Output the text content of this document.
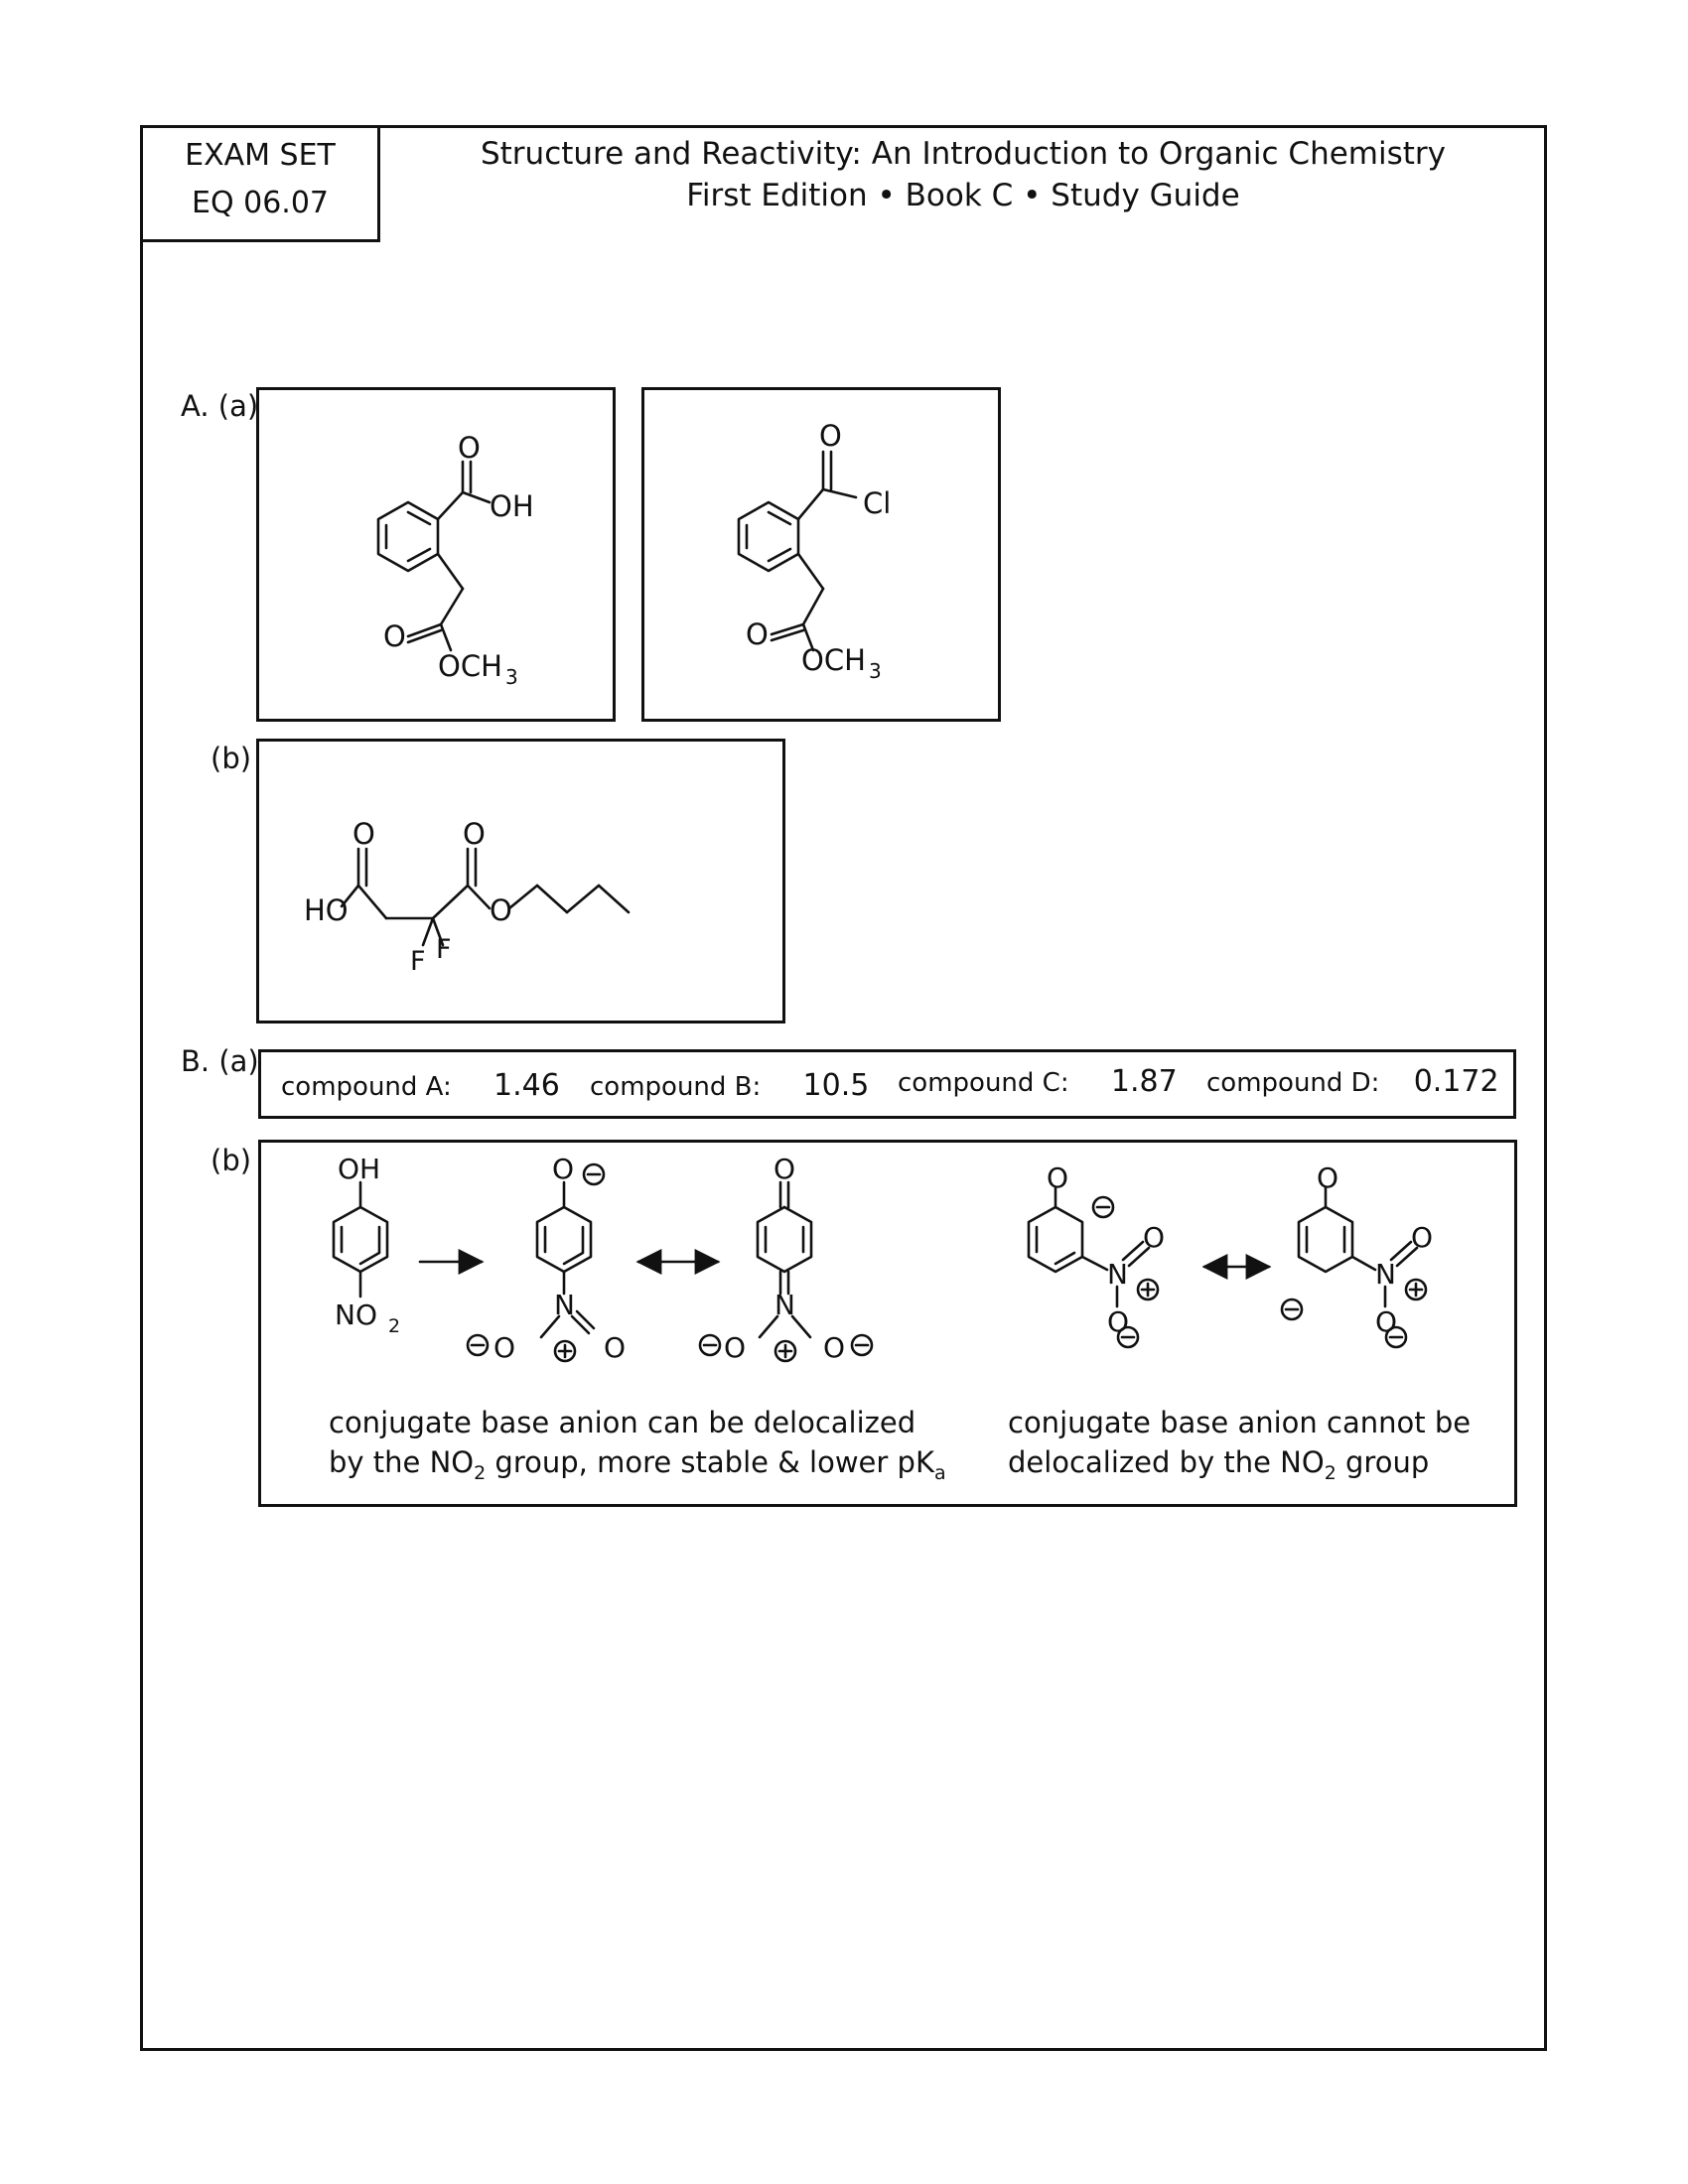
EXAM SET
EQ 06.07
Structure and Reactivity: An Introduction to Organic Chemistry
First Edition • Book C • Study Guide
A. (a)
(b)
O
OH
O
OCH 3
O
Cl
O
OCH 3
HO
O	O
O
F F
B. (a)
(b)
compound A: 1.46 compound B: 10.5 compound C: 1.87 compound D: 0.172
OH
NO 2
O
N
O	O
O
N
O	O
O
N
O
O
O
N
O
O
conjugate base anion can be delocalized
by the $NO_2$ group, more stable & lower $pK_a$
conjugate base anion cannot be
delocalized by the $NO_2$ group
